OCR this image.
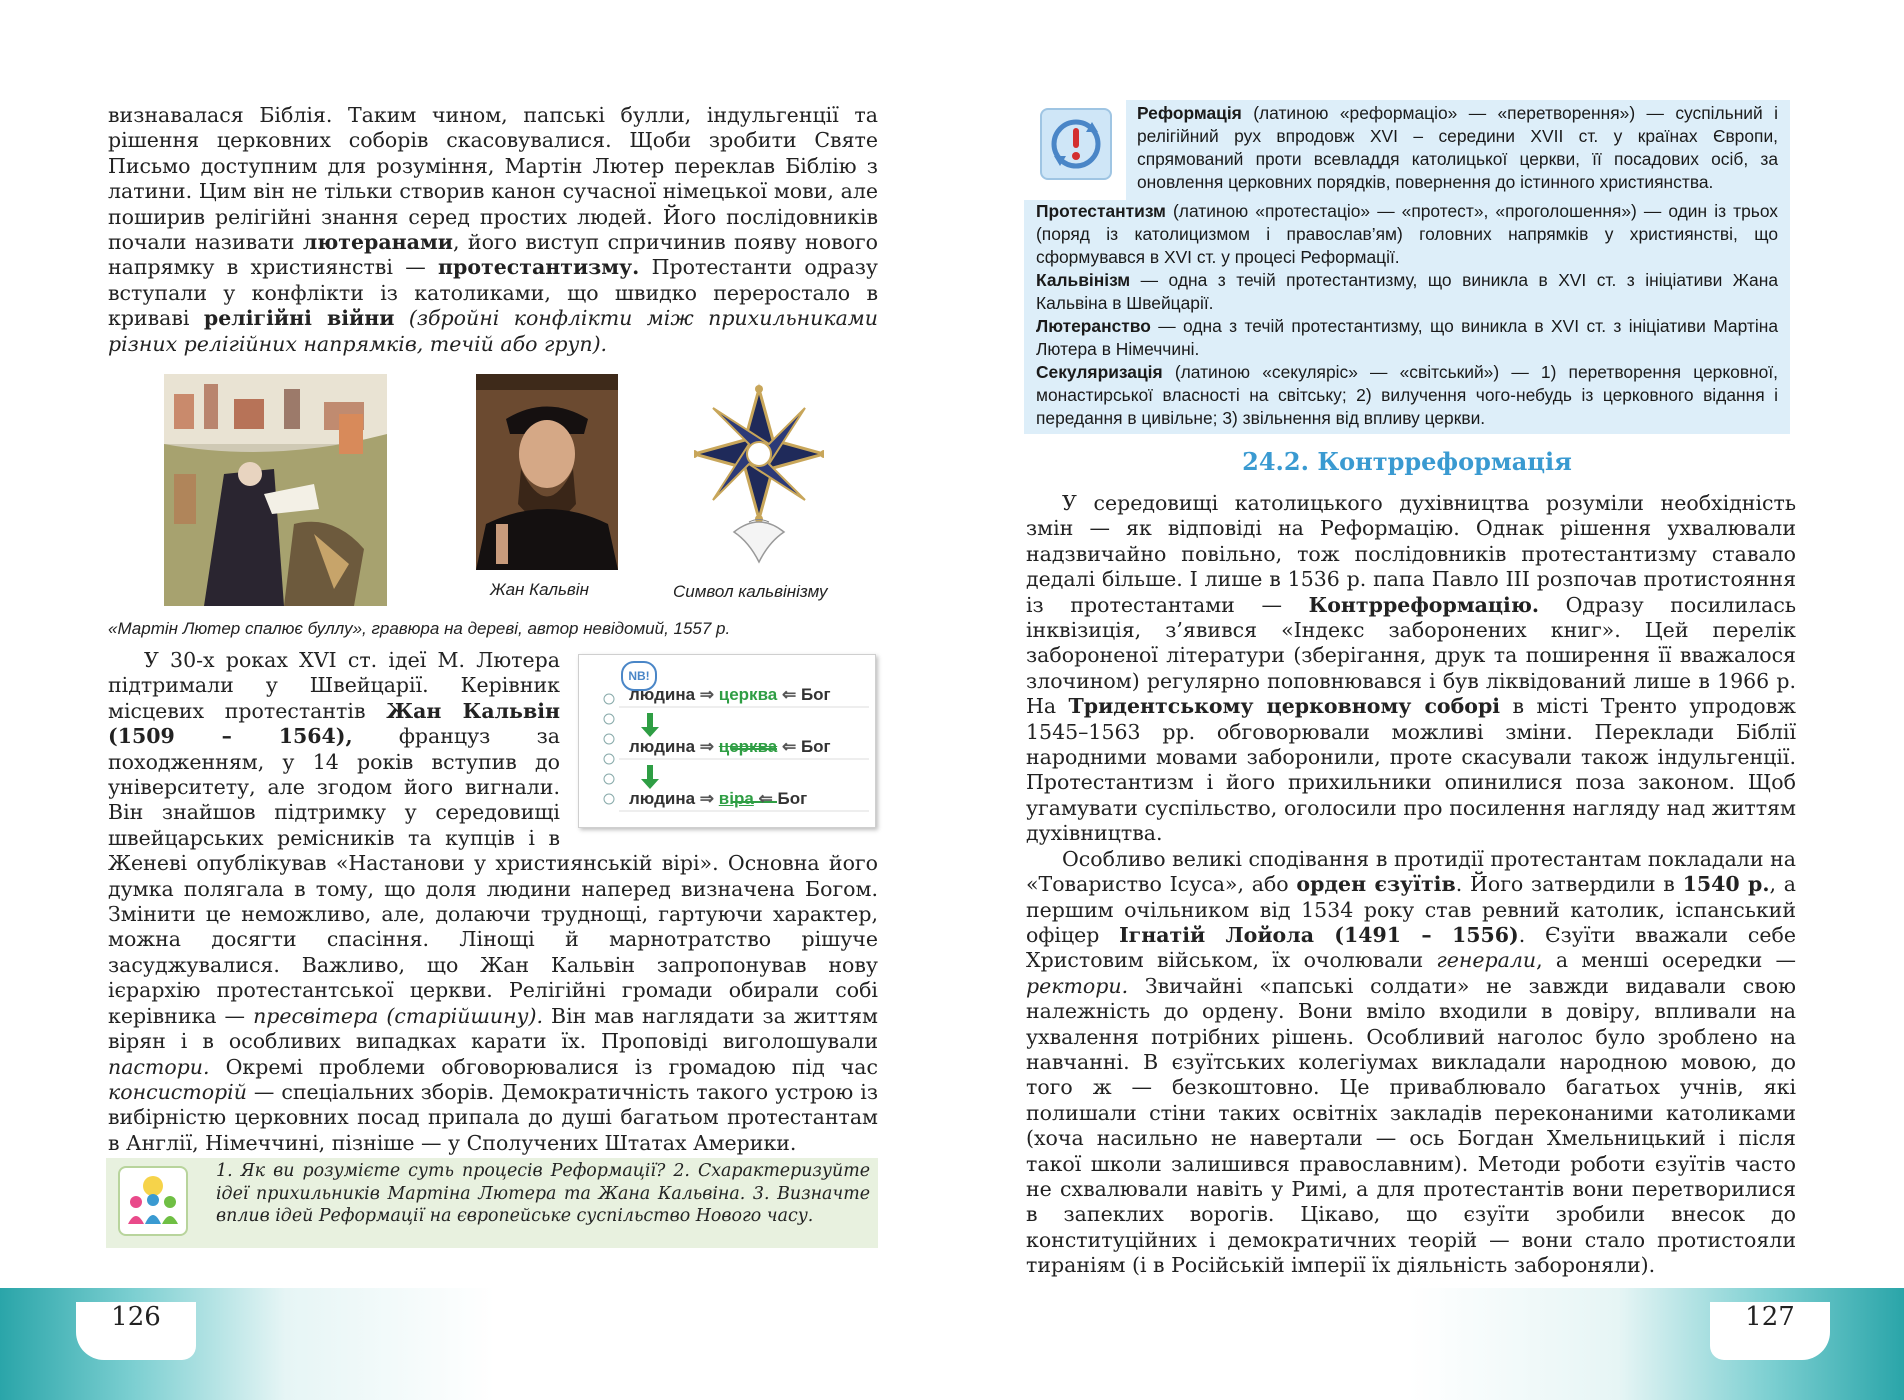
визнавалася Біблія. Таким чином, папські булли, індульгенції та рішення церковних соборів скасовувалися. Щоби зробити Святе Письмо доступним для розуміння, Мартін Лютер переклав Біблію з латини. Цим він не тільки створив канон сучасної німецької мови, але поширив релігійні знання серед простих людей. Його послідовників почали називати лютеранами, його виступ спричинив появу нового напрямку в християнстві — протестантизму. Протестанти одразу вступали у конфлікти із католиками, що швидко переростало в криваві релігійні війни (збройні конфлікти між прихильниками різних релігійних напрямків, течій або груп).

Жан Кальвін	Символ кальвінізму
«Мартін Лютер спалює буллу», гравюра на дереві, автор невідомий, 1557 р.
NB!
людина ⇒ церква ⇐ Бог
людина ⇒ церква ⇐ Бог
людина ⇒ віра ⇐ Бог

У 30-х роках XVI ст. ідеї М. Лютера підтримали у Швейцарії. Керівник місцевих протестантів Жан Кальвін (1509 – 1564), француз за походженням, у 14 років вступив до університету, але згодом його вигнали. Він знайшов підтримку у середовищі швейцарських ремісників та купців і в Женеві опублікував «Настанови у християнській вірі». Основна його думка полягала в тому, що доля людини наперед визначена Богом. Змінити це неможливо, але, долаючи труднощі, гартуючи характер, можна досягти спасіння. Лінощі й марнотратство рішуче засуджувалися. Важливо, що Жан Кальвін запропонував нову ієрархію протестантської церкви. Релігійні громади обирали собі керівника — пресвітера (старійшину). Він мав наглядати за життям вірян і в особливих випадках карати їх. Проповіді виголошували пастори. Окремі проблеми обговорювалися із громадою під час консисторій — спеціальних зборів. Демократичність такого устрою із вибірністю церковних посад припала до душі багатьом протестантам в Англії, Німеччині, пізніше — у Сполучених Штатах Америки.

1. Як ви розумієте суть процесів Реформації? 2. Схарактеризуйте ідеї прихильників Мартіна Лютера та Жана Кальвіна. 3. Визначте вплив ідей Реформації на європейське суспільство Нового часу.

Реформація (латиною «реформаціо» — «перетворення») — суспільний і релігійний рух впродовж XVI – середини XVII ст. у країнах Європи, спрямований проти всевладдя католицької церкви, її посадових осіб, за оновлення церковних порядків, повернення до істинного християнства.

Протестантизм (латиною «протестаціо» — «протест», «проголошення») — один із трьох (поряд із католицизмом і православ’ям) головних напрямків у християнстві, що сформувався в XVI ст. у процесі Реформації.

Кальвінізм — одна з течій протестантизму, що виникла в XVI ст. з ініціативи Жана Кальвіна в Швейцарії.

Лютеранство — одна з течій протестантизму, що виникла в XVI ст. з ініціативи Мартіна Лютера в Німеччині.

Секуляризація (латиною «секуляріс» — «світський») — 1) перетворення церковної, монастирської власності на світську; 2) вилучення чого-небудь із церковного відання і передання в цивільне; 3) звільнення від впливу церкви.

24.2. Контрреформація

У середовищі католицького духівництва розуміли необхідність змін — як відповіді на Реформацію. Однак рішення ухвалювали надзвичайно повільно, тож послідовників протестантизму ставало дедалі більше. І лише в 1536 р. папа Павло III розпочав протистояння із протестантами — Контрреформацію. Одразу посилилась інквізиція, з’явився «Індекс заборонених книг». Цей перелік забороненої літератури (зберігання, друк та поширення її вважалося злочином) регулярно поповнювався і був ліквідований лише в 1966 р. На Тридентському церковному соборі в місті Тренто упродовж 1545–1563 рр. обговорювали можливі зміни. Переклади Біблії народними мовами заборонили, проте скасували також індульгенції. Протестантизм і його прихильники опинилися поза законом. Щоб угамувати суспільство, оголосили про посилення нагляду над життям духівництва.

Особливо великі сподівання в протидії протестантам покладали на «Товариство Ісуса», або орден єзуїтів. Його затвердили в 1540 р., а першим очільником від 1534 року став ревний католик, іспанський офіцер Ігнатій Лойола (1491 – 1556). Єзуїти вважали себе Христовим військом, їх очолювали генерали, а менші осередки — ректори. Звичайні «папські солдати» не завжди видавали свою належність до ордену. Вони вміло входили в довіру, впливали на ухвалення потрібних рішень. Особливий наголос було зроблено на навчанні. В єзуїтських колегіумах викладали народною мовою, до того ж — безкоштовно. Це приваблювало багатьох учнів, які полишали стіни таких освітніх закладів переконаними католиками (хоча насильно не навертали — ось Богдан Хмельницький і після такої школи залишився православним). Методи роботи єзуїтів часто не схвалювали навіть у Римі, а для протестантів вони перетворилися в запеклих ворогів. Цікаво, що єзуїти зробили внесок до конституційних і демократичних теорій — вони стало протистояли тираніям (і в Російській імперії їх діяльність забороняли).

126	127
